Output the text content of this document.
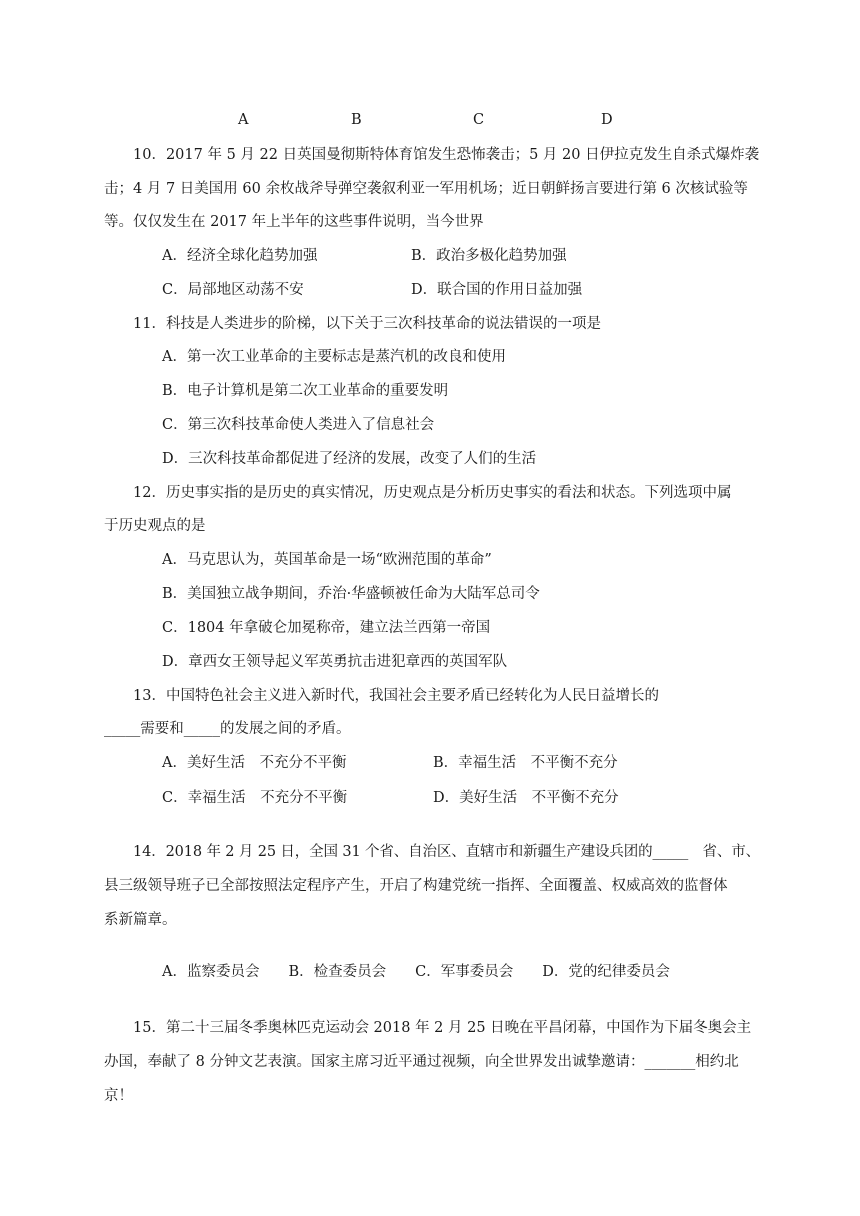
A	B	C	D
10．2017 年 5 月 22 日英国曼彻斯特体育馆发生恐怖袭击；5 月 20 日伊拉克发生自杀式爆炸袭
击；4 月 7 日美国用 60 余枚战斧导弹空袭叙利亚一军用机场；近日朝鲜扬言要进行第 6 次核试验等
等。仅仅发生在 2017 年上半年的这些事件说明，当今世界
A．经济全球化趋势加强	B．政治多极化趋势加强
C．局部地区动荡不安	D．联合国的作用日益加强
11．科技是人类进步的阶梯，以下关于三次科技革命的说法错误的一项是
A．第一次工业革命的主要标志是蒸汽机的改良和使用
B．电子计算机是第二次工业革命的重要发明
C．第三次科技革命使人类进入了信息社会
D．三次科技革命都促进了经济的发展，改变了人们的生活
12．历史事实指的是历史的真实情况，历史观点是分析历史事实的看法和状态。下列选项中属
于历史观点的是
A．马克思认为，英国革命是一场“欧洲范围的革命”
B．美国独立战争期间，乔治·华盛顿被任命为大陆军总司令
C．1804 年拿破仑加冕称帝，建立法兰西第一帝国
D．章西女王领导起义军英勇抗击进犯章西的英国军队
13．中国特色社会主义进入新时代，我国社会主要矛盾已经转化为人民日益增长的
_____需要和_____的发展之间的矛盾。
A．美好生活　不充分不平衡	B．幸福生活　不平衡不充分
C．幸福生活　不充分不平衡	D．美好生活　不平衡不充分
14．2018 年 2 月 25 日，全国 31 个省、自治区、直辖市和新疆生产建设兵团的_____　省、市、
县三级领导班子已全部按照法定程序产生，开启了构建党统一指挥、全面覆盖、权威高效的监督体
系新篇章。
A．监察委员会　　B．检查委员会　　C．军事委员会　　D．党的纪律委员会
15．第二十三届冬季奥林匹克运动会 2018 年 2 月 25 日晚在平昌闭幕，中国作为下届冬奥会主
办国，奉献了 8 分钟文艺表演。国家主席习近平通过视频，向全世界发出诚挚邀请：_______相约北
京！
